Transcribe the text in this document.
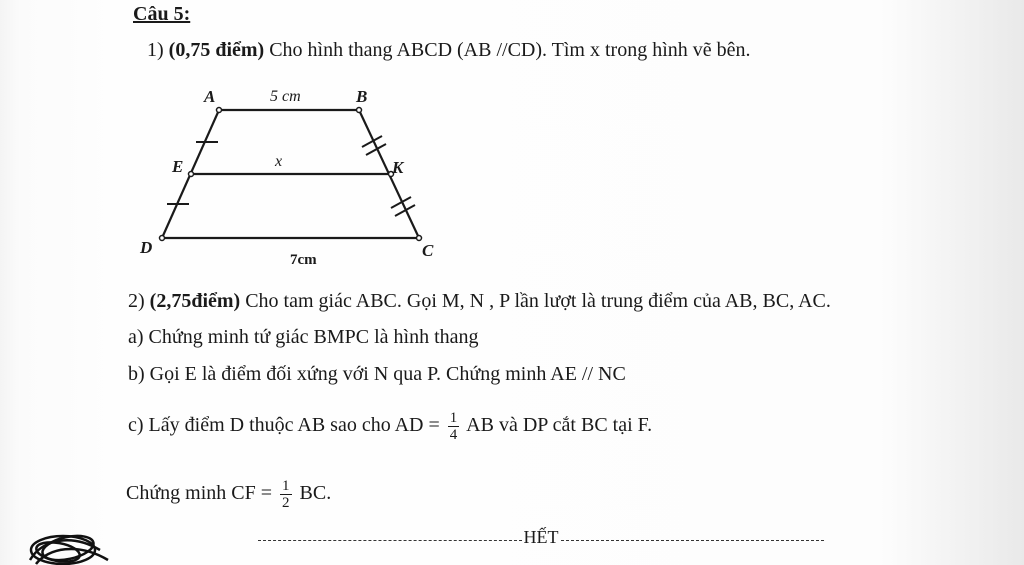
Câu 5:
1) (0,75 điểm) Cho hình thang ABCD (AB //CD). Tìm x trong hình vẽ bên.
A	B
E	K
D	C
5 cm
x
7cm
2) (2,75điểm) Cho tam giác ABC. Gọi M, N , P lần lượt là trung điểm của AB, BC, AC.
a) Chứng minh tứ giác BMPC là hình thang
b) Gọi E là điểm đối xứng với N qua P. Chứng minh AE // NC
c) Lấy điểm D thuộc AB sao cho AD = $\frac{1}{4}$ AB và DP cắt BC tại F.
Chứng minh CF = $\frac{1}{2}$ BC.
HẾT
